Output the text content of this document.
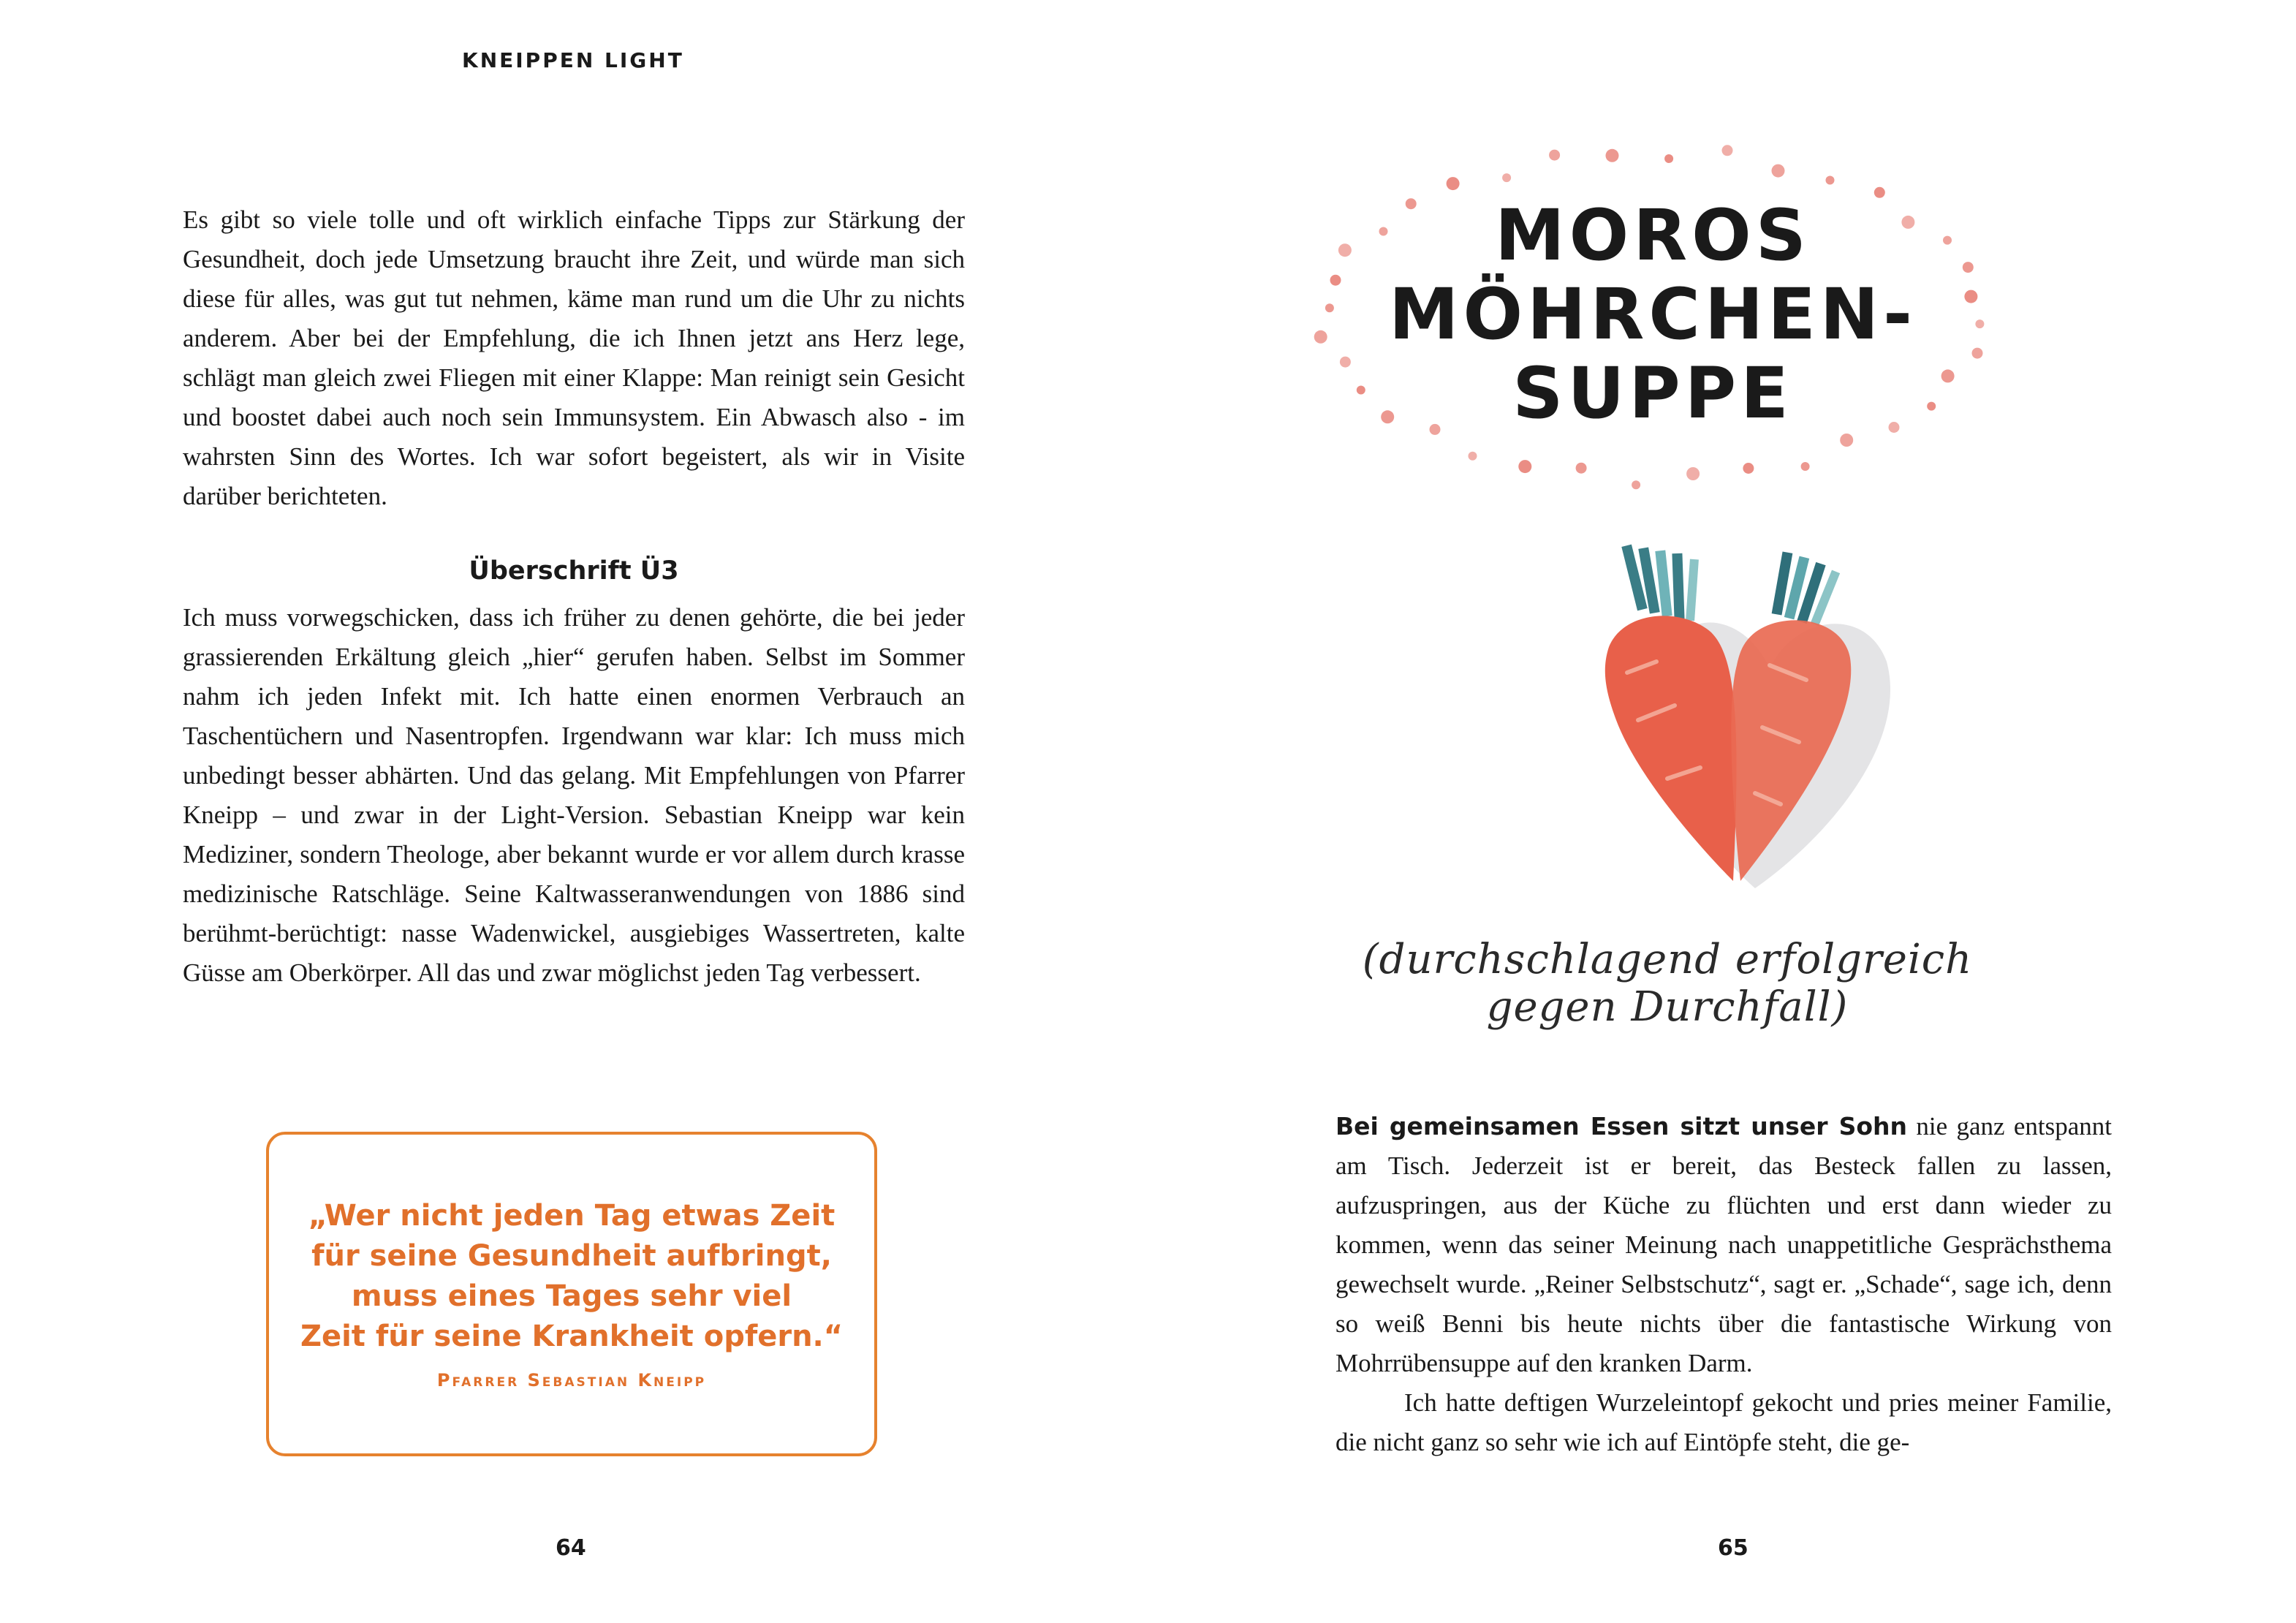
KNEIPPEN LIGHT

Es gibt so viele tolle und oft wirklich einfache Tipps zur Stärkung der Gesundheit, doch jede Umsetzung braucht ihre Zeit, und würde man sich diese für alles, was gut tut nehmen, käme man rund um die Uhr zu nichts anderem. Aber bei der Empfehlung, die ich Ihnen jetzt ans Herz lege, schlägt man gleich zwei Fliegen mit einer Klappe: Man reinigt sein Gesicht und boostet dabei auch noch sein Immunsystem. Ein Abwasch also - im wahrsten Sinn des Wortes. Ich war sofort begeistert, als wir in Visite darüber berichteten.

Überschrift Ü3

Ich muss vorwegschicken, dass ich früher zu denen gehörte, die bei jeder grassierenden Erkältung gleich „hier“ gerufen haben. Selbst im Sommer nahm ich jeden Infekt mit. Ich hatte einen enormen Verbrauch an Taschentüchern und Nasentropfen. Irgendwann war klar: Ich muss mich unbedingt besser abhärten. Und das gelang. Mit Empfehlungen von Pfarrer Kneipp – und zwar in der Light-Version. Sebastian Kneipp war kein Mediziner, sondern Theologe, aber bekannt wurde er vor allem durch krasse medizinische Ratschläge. Seine Kaltwasseranwendungen von 1886 sind berühmt-berüchtigt: nasse Wadenwickel, ausgiebiges Wassertreten, kalte Güsse am Oberkörper. All das und zwar möglichst jeden Tag verbessert.

„Wer nicht jeden Tag etwas Zeit
für seine Gesundheit aufbringt,
muss eines Tages sehr viel
Zeit für seine Krankheit opfern.“

Pfarrer Sebastian Kneipp

64

MOROS
MÖHRCHEN-
SUPPE

(durchschlagend erfolgreich gegen Durchfall)

Bei gemeinsamen Essen sitzt unser Sohn nie ganz entspannt am Tisch. Jederzeit ist er bereit, das Besteck fallen zu lassen, aufzuspringen, aus der Küche zu flüchten und erst dann wieder zu kommen, wenn das seiner Meinung nach unappetitliche Gesprächsthema gewechselt wurde. „Reiner Selbstschutz“, sagt er. „Schade“, sage ich, denn so weiß Benni bis heute nichts über die fantastische Wirkung von Mohrrübensuppe auf den kranken Darm.

Ich hatte deftigen Wurzeleintopf gekocht und pries meiner Familie, die nicht ganz so sehr wie ich auf Eintöpfe steht, die ge-

65
